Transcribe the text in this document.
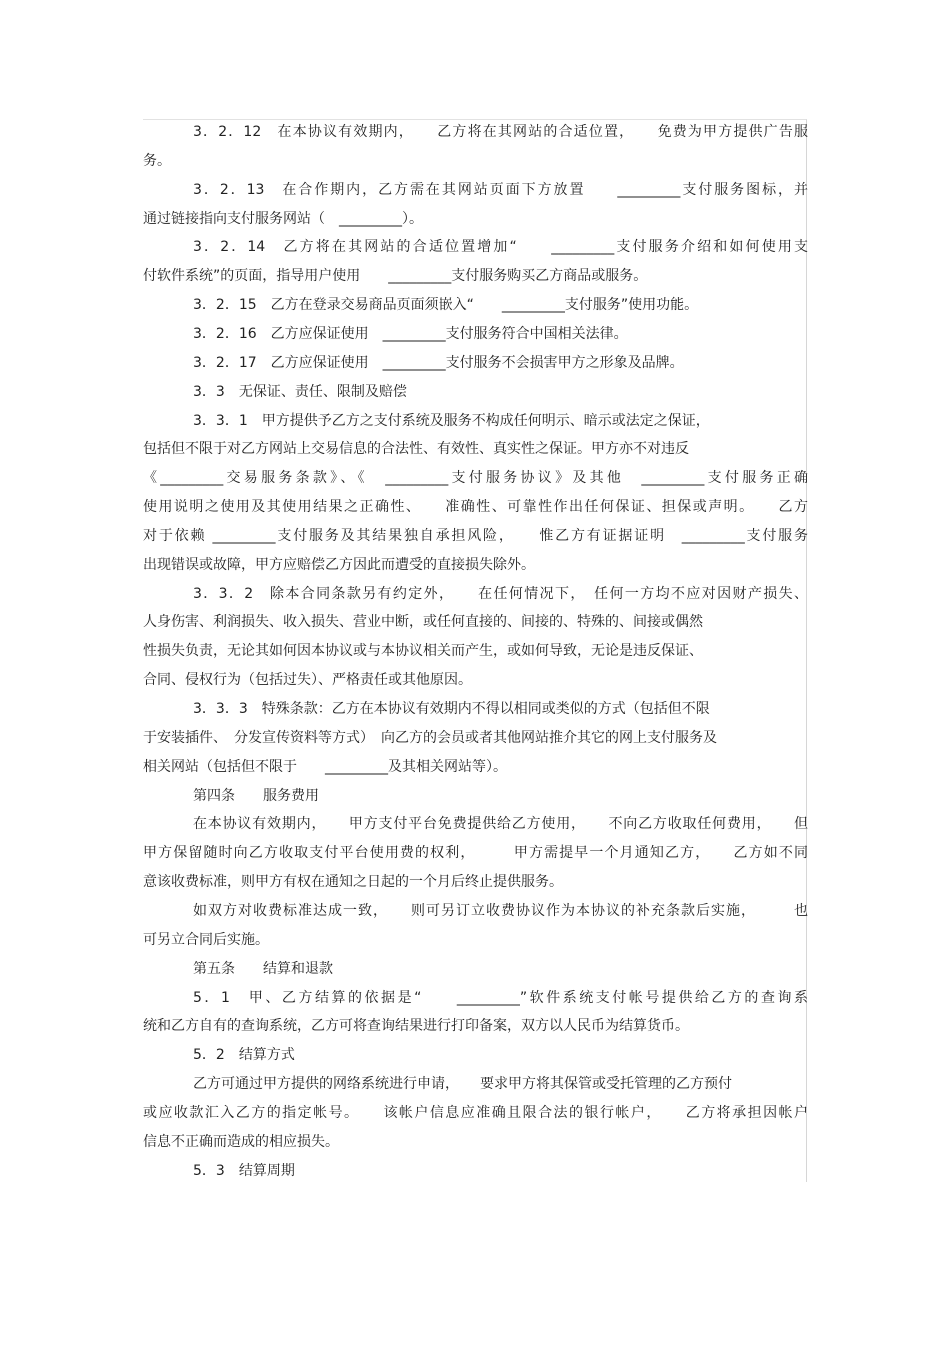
3．2．12　在本协议有效期内，　　乙方将在其网站的合适位置，　　免费为甲方提供广告服
务。
3．2．13　在合作期内，乙方需在其网站页面下方放置　　_________支付服务图标，并
通过链接指向支付服务网站（　_________）。
3．2．14　乙方将在其网站的合适位置增加“　　_________支付服务介绍和如何使用支
付软件系统”的页面，指导用户使用　　_________支付服务购买乙方商品或服务。
3．2．15　乙方在登录交易商品页面须嵌入“　　_________支付服务”使用功能。
3．2．16　乙方应保证使用　_________支付服务符合中国相关法律。
3．2．17　乙方应保证使用　_________支付服务不会损害甲方之形象及品牌。
3．3　无保证、责任、限制及赔偿
3．3．1　甲方提供予乙方之支付系统及服务不构成任何明示、暗示或法定之保证，
包括但不限于对乙方网站上交易信息的合法性、有效性、真实性之保证。甲方亦不对违反
《_________交易服务条款》、《　_________支付服务协议》及其他　_________支付服务正确
使用说明之使用及其使用结果之正确性、　　准确性、可靠性作出任何保证、担保或声明。　　乙方
对于依赖 _________支付服务及其结果独自承担风险，　　惟乙方有证据证明　_________支付服务
出现错误或故障，甲方应赔偿乙方因此而遭受的直接损失除外。
3．3．2　除本合同条款另有约定外，　　在任何情况下，　任何一方均不应对因财产损失、
人身伤害、利润损失、收入损失、营业中断，或任何直接的、间接的、特殊的、间接或偶然
性损失负责，无论其如何因本协议或与本协议相关而产生，或如何导致，无论是违反保证、
合同、侵权行为（包括过失）、严格责任或其他原因。
3．3．3　特殊条款：乙方在本协议有效期内不得以相同或类似的方式（包括但不限
于安装插件、　分发宣传资料等方式）　向乙方的会员或者其他网站推介其它的网上支付服务及
相关网站（包括但不限于　　_________及其相关网站等）。
第四条　　服务费用
在本协议有效期内，　　甲方支付平台免费提供给乙方使用，　　不向乙方收取任何费用，　　但
甲方保留随时向乙方收取支付平台使用费的权利，　　　甲方需提早一个月通知乙方，　　乙方如不同
意该收费标准，则甲方有权在通知之日起的一个月后终止提供服务。
如双方对收费标准达成一致，　　则可另订立收费协议作为本协议的补充条款后实施，　　　也
可另立合同后实施。
第五条　　结算和退款
5．1　甲、乙方结算的依据是“　　_________”软件系统支付帐号提供给乙方的查询系
统和乙方自有的查询系统，乙方可将查询结果进行打印备案，双方以人民币为结算货币。
5．2　结算方式
乙方可通过甲方提供的网络系统进行申请，　　要求甲方将其保管或受托管理的乙方预付
或应收款汇入乙方的指定帐号。　　该帐户信息应准确且限合法的银行帐户，　　乙方将承担因帐户
信息不正确而造成的相应损失。
5．3　结算周期
